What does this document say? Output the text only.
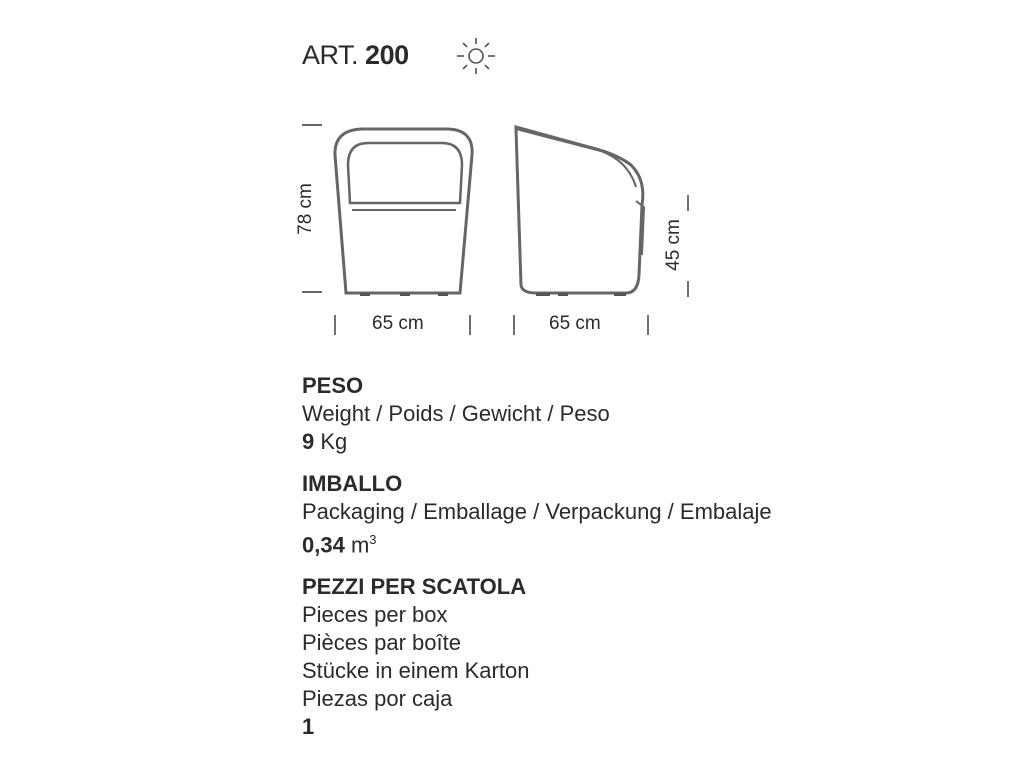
ART. 200
78 cm
45 cm
65 cm	65 cm
PESO
Weight / Poids / Gewicht / Peso
9 Kg
IMBALLO
Packaging / Emballage / Verpackung / Embalaje
0,34 $m^3$
PEZZI PER SCATOLA
Pieces per box
Pièces par boîte
Stücke in einem Karton
Piezas por caja
1
